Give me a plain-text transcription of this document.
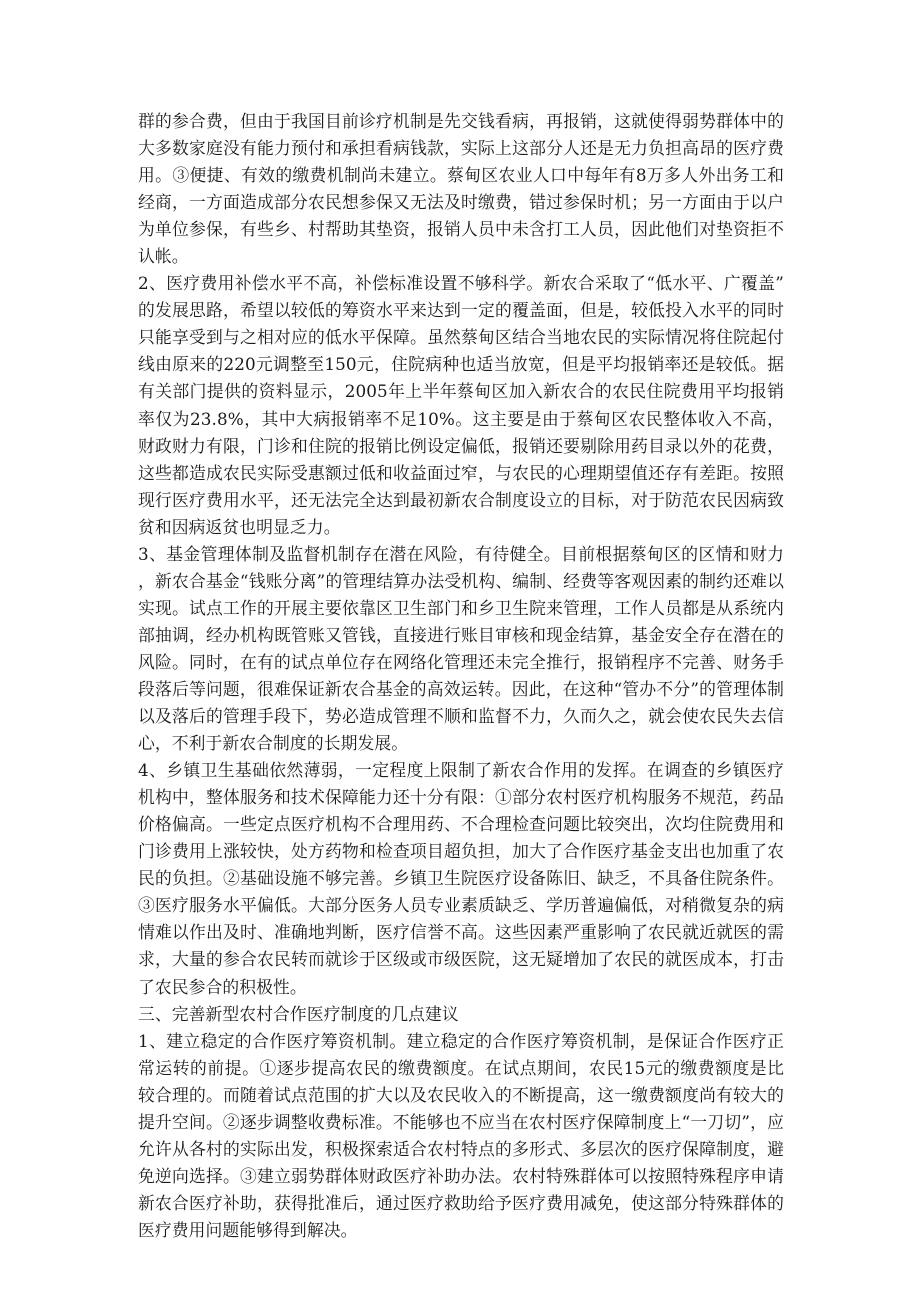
群的参合费，但由于我国目前诊疗机制是先交钱看病，再报销，这就使得弱势群体中的大多数家庭没有能力预付和承担看病钱款，实际上这部分人还是无力负担高昂的医疗费用。③便捷、有效的缴费机制尚未建立。蔡甸区农业人口中每年有8万多人外出务工和经商，一方面造成部分农民想参保又无法及时缴费，错过参保时机；另一方面由于以户为单位参保，有些乡、村帮助其垫资，报销人员中未含打工人员，因此他们对垫资拒不认帐。

2、医疗费用补偿水平不高，补偿标准设置不够科学。新农合采取了“低水平、广覆盖”的发展思路，希望以较低的筹资水平来达到一定的覆盖面，但是，较低投入水平的同时只能享受到与之相对应的低水平保障。虽然蔡甸区结合当地农民的实际情况将住院起付线由原来的220元调整至150元，住院病种也适当放宽，但是平均报销率还是较低。据有关部门提供的资料显示，2005年上半年蔡甸区加入新农合的农民住院费用平均报销率仅为23.8%，其中大病报销率不足10%。这主要是由于蔡甸区农民整体收入不高，财政财力有限，门诊和住院的报销比例设定偏低，报销还要剔除用药目录以外的花费，这些都造成农民实际受惠额过低和收益面过窄，与农民的心理期望值还存有差距。按照现行医疗费用水平，还无法完全达到最初新农合制度设立的目标，对于防范农民因病致贫和因病返贫也明显乏力。

3、基金管理体制及监督机制存在潜在风险，有待健全。目前根据蔡甸区的区情和财力，新农合基金“钱账分离”的管理结算办法受机构、编制、经费等客观因素的制约还难以实现。试点工作的开展主要依靠区卫生部门和乡卫生院来管理，工作人员都是从系统内部抽调，经办机构既管账又管钱，直接进行账目审核和现金结算，基金安全存在潜在的风险。同时，在有的试点单位存在网络化管理还未完全推行，报销程序不完善、财务手段落后等问题，很难保证新农合基金的高效运转。因此，在这种“管办不分”的管理体制以及落后的管理手段下，势必造成管理不顺和监督不力，久而久之，就会使农民失去信心，不利于新农合制度的长期发展。

4、乡镇卫生基础依然薄弱，一定程度上限制了新农合作用的发挥。在调查的乡镇医疗机构中，整体服务和技术保障能力还十分有限：①部分农村医疗机构服务不规范，药品价格偏高。一些定点医疗机构不合理用药、不合理检查问题比较突出，次均住院费用和门诊费用上涨较快，处方药物和检查项目超负担，加大了合作医疗基金支出也加重了农民的负担。②基础设施不够完善。乡镇卫生院医疗设备陈旧、缺乏，不具备住院条件。③医疗服务水平偏低。大部分医务人员专业素质缺乏、学历普遍偏低，对稍微复杂的病情难以作出及时、准确地判断，医疗信誉不高。这些因素严重影响了农民就近就医的需求，大量的参合农民转而就诊于区级或市级医院，这无疑增加了农民的就医成本，打击了农民参合的积极性。

三、完善新型农村合作医疗制度的几点建议

1、建立稳定的合作医疗筹资机制。建立稳定的合作医疗筹资机制，是保证合作医疗正常运转的前提。①逐步提高农民的缴费额度。在试点期间，农民15元的缴费额度是比较合理的。而随着试点范围的扩大以及农民收入的不断提高，这一缴费额度尚有较大的提升空间。②逐步调整收费标准。不能够也不应当在农村医疗保障制度上“一刀切”，应允许从各村的实际出发，积极探索适合农村特点的多形式、多层次的医疗保障制度，避免逆向选择。③建立弱势群体财政医疗补助办法。农村特殊群体可以按照特殊程序申请新农合医疗补助，获得批准后，通过医疗救助给予医疗费用减免，使这部分特殊群体的医疗费用问题能够得到解决。
